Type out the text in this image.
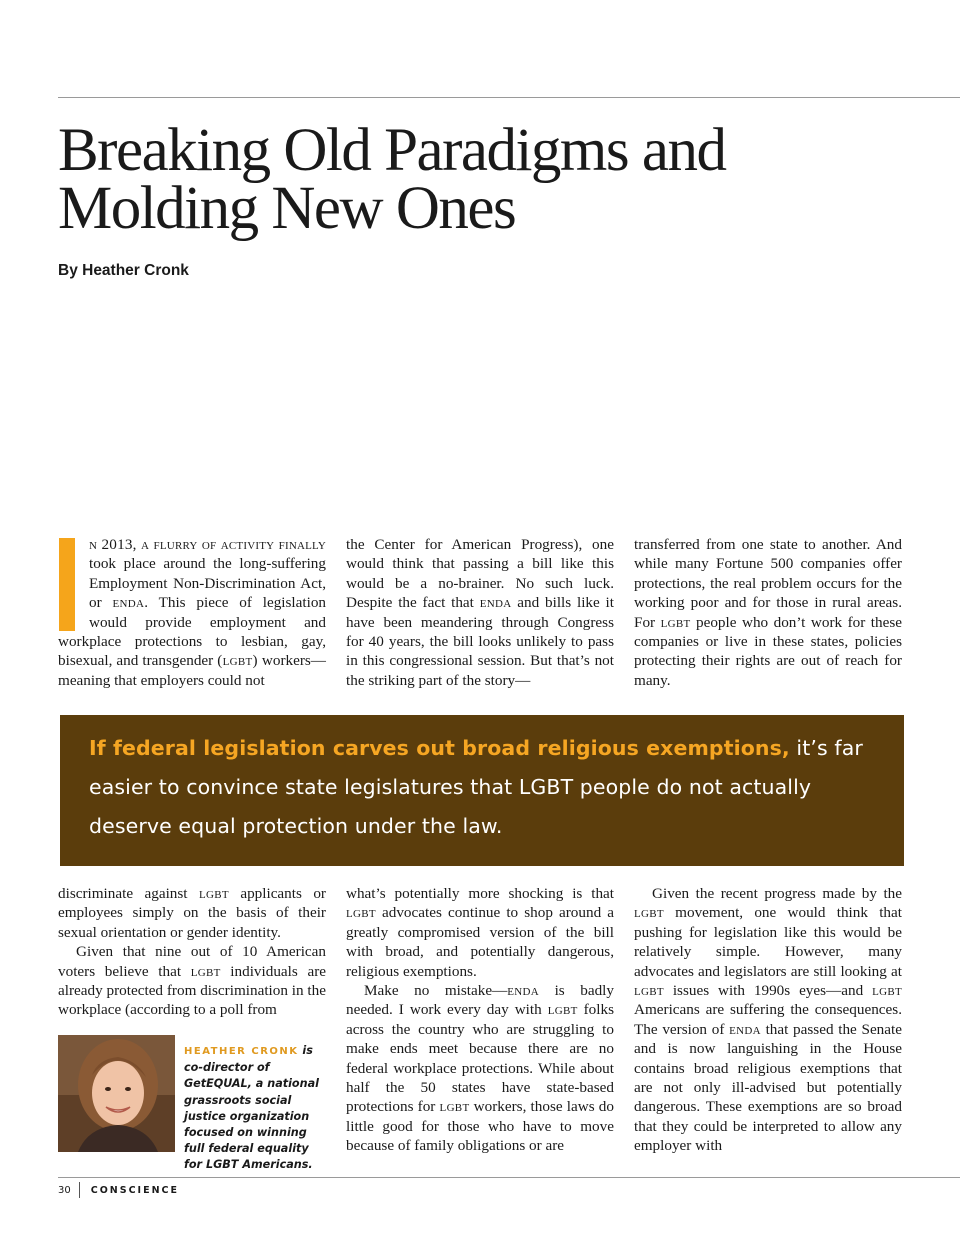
Breaking Old Paradigms and
Molding New Ones

By Heather Cronk

n 2013, a flurry of activity finally took place around the long-suffering Employment Non-Discrimination Act, or enda. This piece of legislation would provide employment and workplace protections to lesbian, gay, bisexual, and transgender (lgbt) workers—meaning that employers could not

the Center for American Progress), one would think that passing a bill like this would be a no-brainer. No such luck. Despite the fact that enda and bills like it have been meandering through Congress for 40 years, the bill looks unlikely to pass in this congressional session. But that’s not the striking part of the story—

transferred from one state to another. And while many Fortune 500 companies offer protections, the real problem occurs for the working poor and for those in rural areas. For lgbt people who don’t work for these companies or live in these states, policies protecting their rights are out of reach for many.

If federal legislation carves out broad religious exemptions, it’s far easier to convince state legislatures that LGBT people do not actually deserve equal protection under the law.

discriminate against lgbt applicants or employees simply on the basis of their sexual orientation or gender identity.

Given that nine out of 10 American voters believe that lgbt individuals are already protected from discrimination in the workplace (according to a poll from

what’s potentially more shocking is that lgbt advocates continue to shop around a greatly compromised version of the bill with broad, and potentially dangerous, religious exemptions.

Make no mistake—enda is badly needed. I work every day with lgbt folks across the country who are struggling to make ends meet because there are no federal workplace protections. While about half the 50 states have state-based protections for lgbt workers, those laws do little good for those who have to move because of family obligations or are

Given the recent progress made by the lgbt movement, one would think that pushing for legislation like this would be relatively simple. However, many advocates and legislators are still looking at lgbt issues with 1990s eyes—and lgbt Americans are suffering the consequences. The version of enda that passed the Senate and is now languishing in the House contains broad religious exemptions that are not only ill-advised but potentially dangerous. These exemptions are so broad that they could be interpreted to allow any employer with

HEATHER CRONK is co-director of GetEQUAL, a national grassroots social justice organization focused on winning full federal equality for LGBT Americans.
30 CONSCIENCE
